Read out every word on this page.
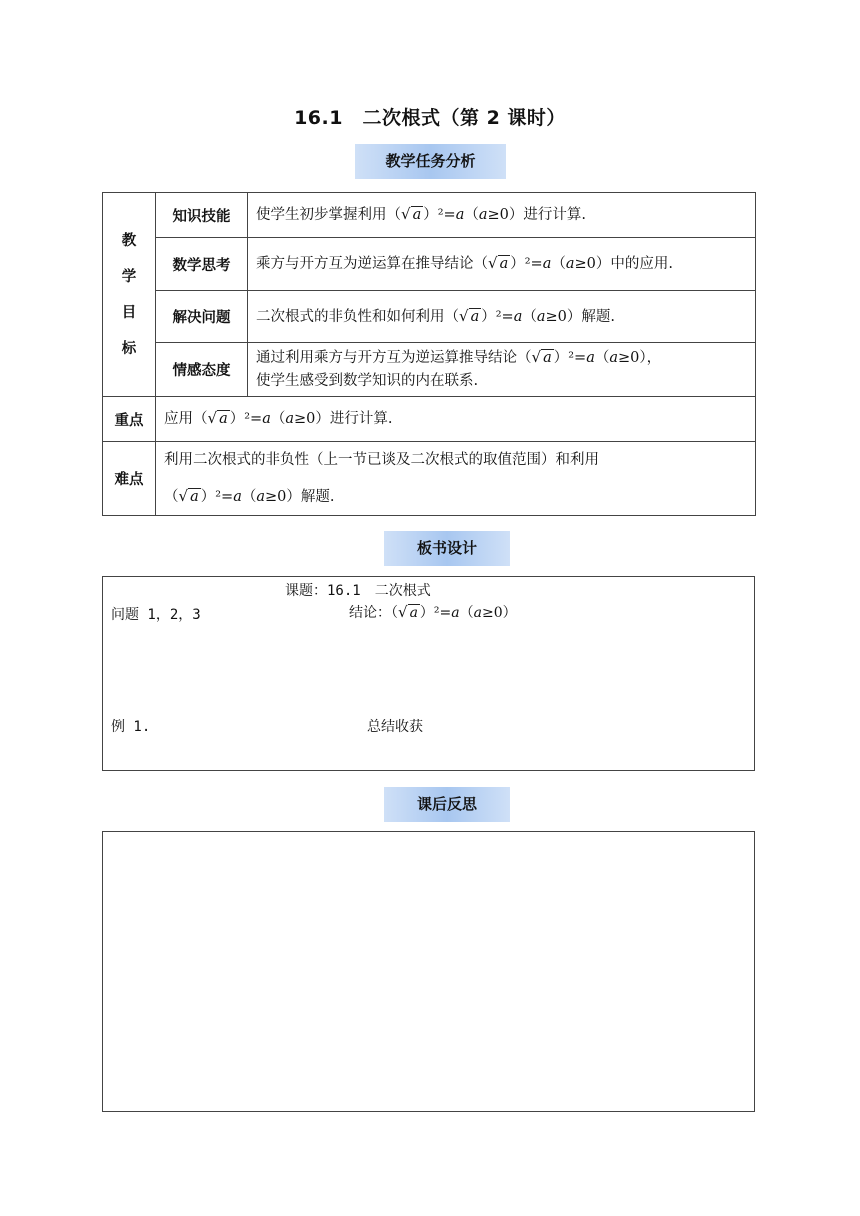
16.1　二次根式（第 2 课时）
教学任务分析
教
学
目
标	知识技能	使学生初步掌握利用（√ a ）²=a（a≥0）进行计算.
	数学思考	乘方与开方互为逆运算在推导结论（√ a ）²=a（a≥0）中的应用.
	解决问题	二次根式的非负性和如何利用（√ a ）²=a（a≥0）解题.
	情感态度	通过利用乘方与开方互为逆运算推导结论（√ a ）²=a（a≥0），
使学生感受到数学知识的内在联系.
重点	应用（√ a ）²=a（a≥0）进行计算.	
难点	利用二次根式的非负性（上一节已谈及二次根式的取值范围）和利用
（√ a ）²=a（a≥0）解题.	
板书设计
课题：16.1　二次根式
问题 1，2，3	结论：（√ a ）²=a（a≥0）
例 1.	总结收获
课后反思
